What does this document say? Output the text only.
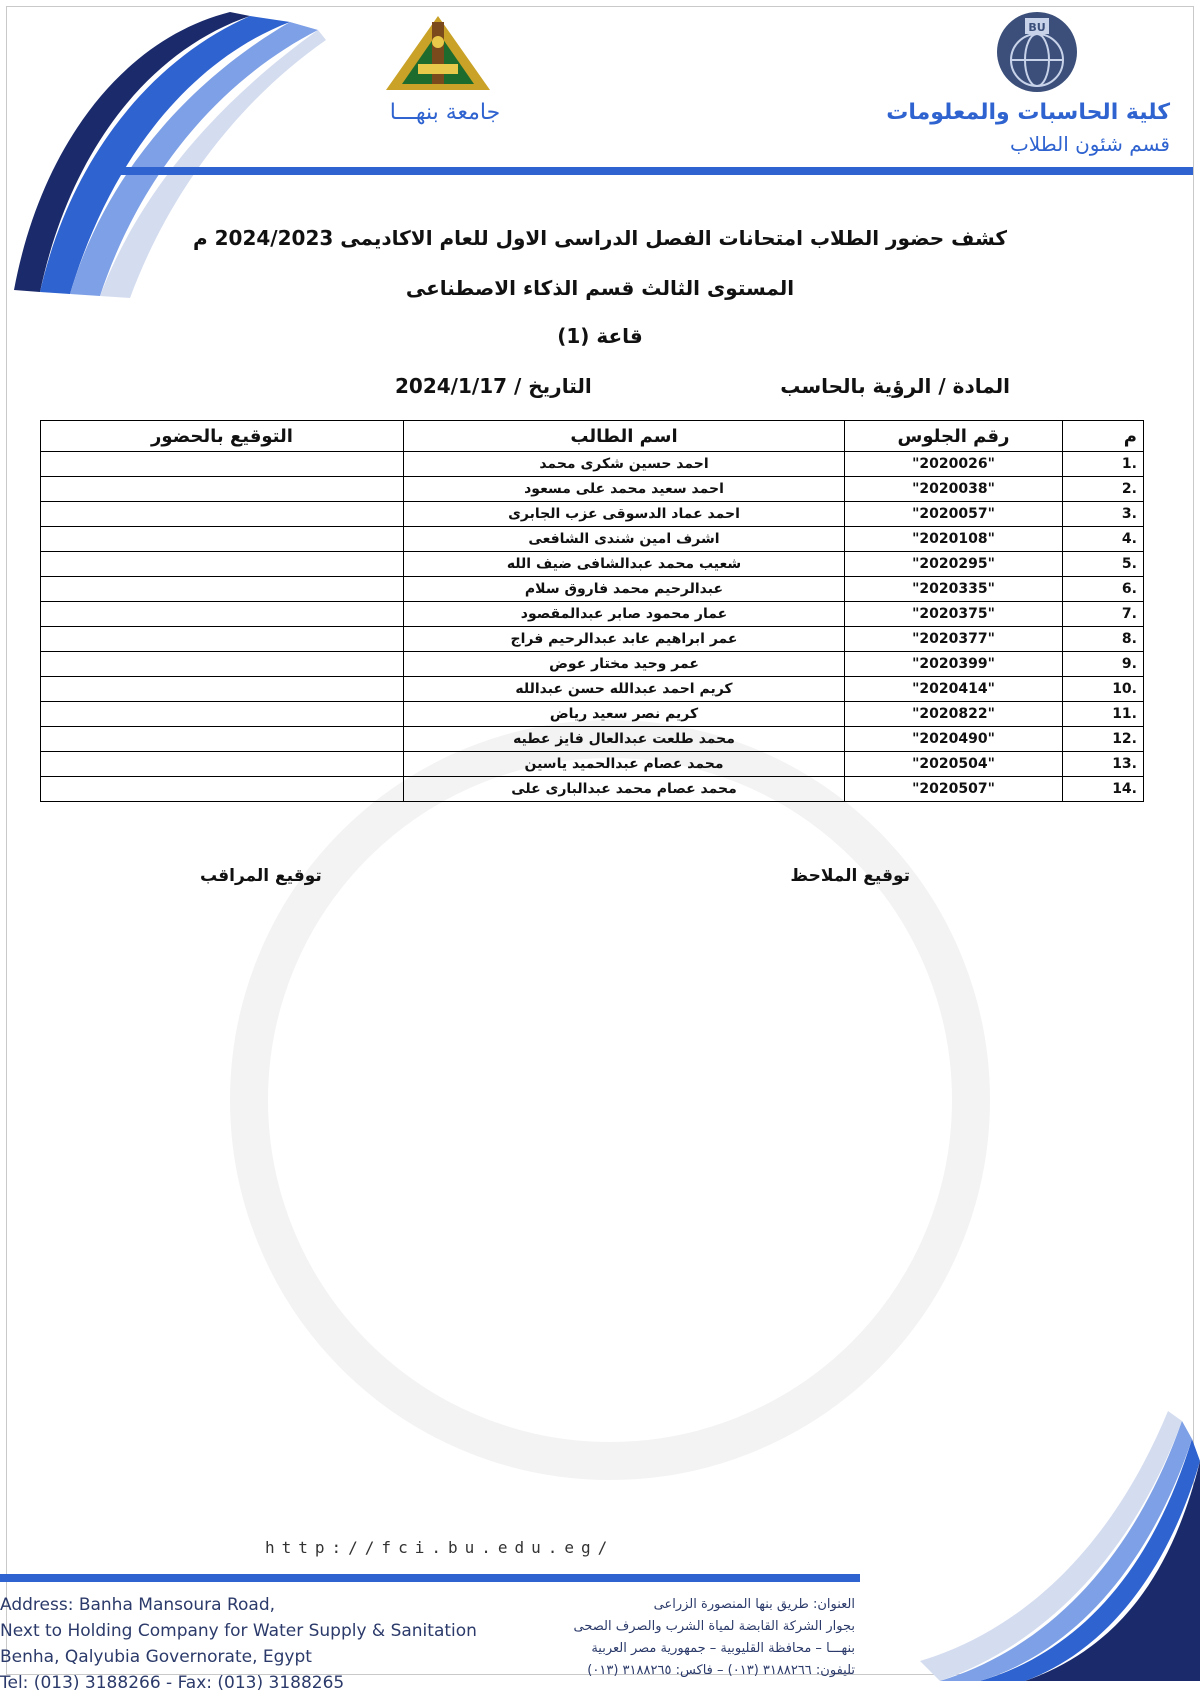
جامعة بنهـــا
BU
كلية الحاسبات والمعلومات
قسم شئون الطلاب
كشف حضور الطلاب امتحانات الفصل الدراسى الاول للعام الاكاديمى 2024/2023 م
المستوى الثالث قسم الذكاء الاصطناعى
قاعة (1)
المادة / الرؤية بالحاسب
التاريخ / 2024/1/17
م	رقم الجلوس	اسم الطالب	التوقيع بالحضور
.1	"2020026"	احمد حسين شكرى محمد	
.2	"2020038"	احمد سعيد محمد على مسعود	
.3	"2020057"	احمد عماد الدسوقى عزب الجابرى	
.4	"2020108"	اشرف امين شندى الشافعى	
.5	"2020295"	شعيب محمد عبدالشافى ضيف الله	
.6	"2020335"	عبدالرحيم محمد فاروق سلام	
.7	"2020375"	عمار محمود صابر عبدالمقصود	
.8	"2020377"	عمر ابراهيم عابد عبدالرحيم فراج	
.9	"2020399"	عمر وحيد مختار عوض	
.10	"2020414"	كريم احمد عبدالله حسن عبدالله	
.11	"2020822"	كريم نصر سعيد رياض	
.12	"2020490"	محمد طلعت عبدالعال فايز عطيه	
.13	"2020504"	محمد عصام عبدالحميد ياسين	
.14	"2020507"	محمد عصام محمد عبدالبارى على	
توقيع الملاحظ
توقيع المراقب
http://fci.bu.edu.eg/
Address: Banha Mansoura Road,
Next to Holding Company for Water Supply & Sanitation
Benha, Qalyubia Governorate, Egypt
Tel: (013) 3188266 - Fax: (013) 3188265
العنوان: طريق بنها المنصورة الزراعى
بجوار الشركة القابضة لمياة الشرب والصرف الصحى
بنهـــا – محافظة القليوبية – جمهورية مصر العربية
تليفون: ٣١٨٨٢٦٦ (٠١٣) – فاكس: ٣١٨٨٢٦٥ (٠١٣)
